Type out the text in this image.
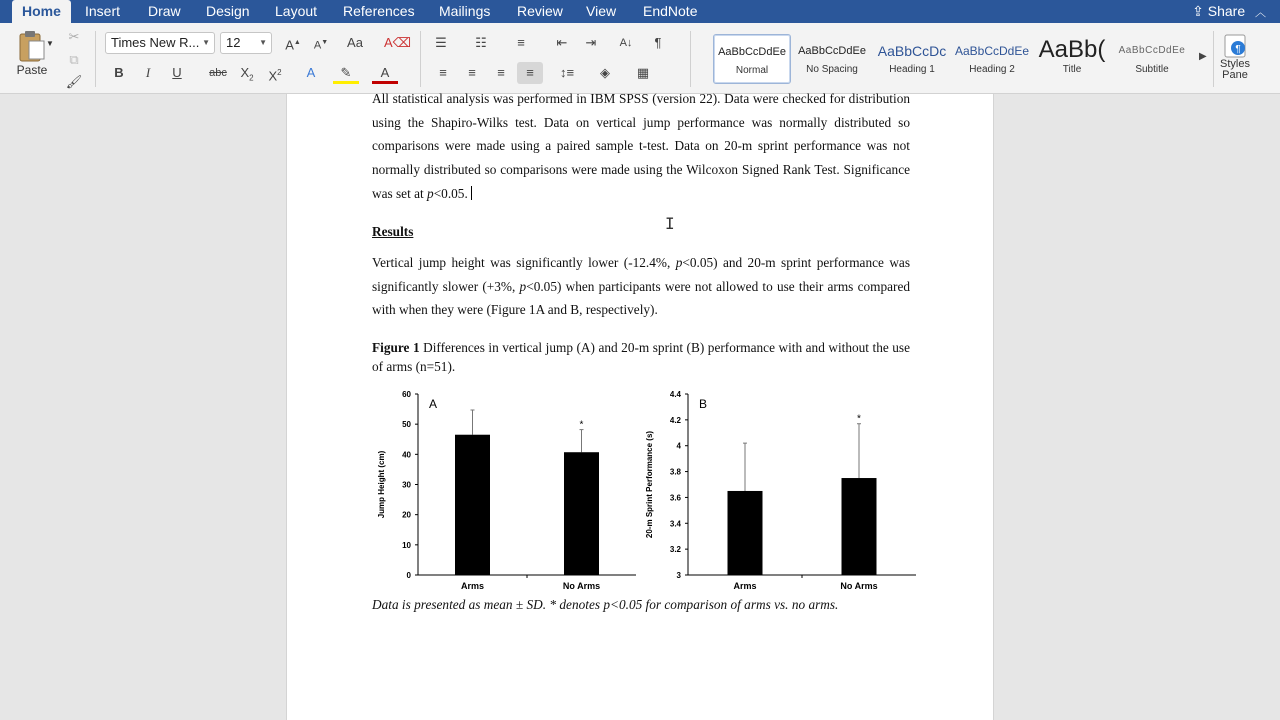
Home	Insert	Draw	Design	Layout	References	Mailings	Review	View	EndNote	⇪ Share ︿
Paste
▼	✂
⧉
🖌
Times New R... ▼	12 ▼	A▲	A▼	Aa	A⌫
B	I	U	abc	$X_2$	$X^2$	A	✎	A
☰	☷	≡	⇤	⇥	A↓	¶
≡	≡	≡	≡	↕≡	◈	▦
AaBbCcDdEe
Normal
AaBbCcDdEe
No Spacing
AaBbCcDc
Heading 1
AaBbCcDdEe
Heading 2
AaBb(
Title
AaBbCcDdEe
Subtitle
▶
¶
Styles Pane
All statistical analysis was performed in IBM SPSS (version 22). Data were checked for distribution using the Shapiro-Wilks test. Data on vertical jump performance was normally distributed so comparisons were made using a paired sample t-test. Data on 20-m sprint performance was not normally distributed so comparisons were made using the Wilcoxon Signed Rank Test. Significance was set at p<0.05.
Results
Vertical jump height was significantly lower (-12.4%, p<0.05) and 20-m sprint performance was significantly slower (+3%, p<0.05) when participants were not allowed to use their arms compared with when they were (Figure 1A and B, respectively).
Figure 1 Differences in vertical jump (A) and 20-m sprint (B) performance with and without the use of arms (n=51).
0
10
20
30
40
50
60
Jump Height (cm)
A
Arms
*
No Arms
3
3.2
3.4
3.6
3.8
4
4.2
4.4
20-m Sprint Performance (s)
B
Arms
*
No Arms
Data is presented as mean ± SD. * denotes p<0.05 for comparison of arms vs. no arms.
I
